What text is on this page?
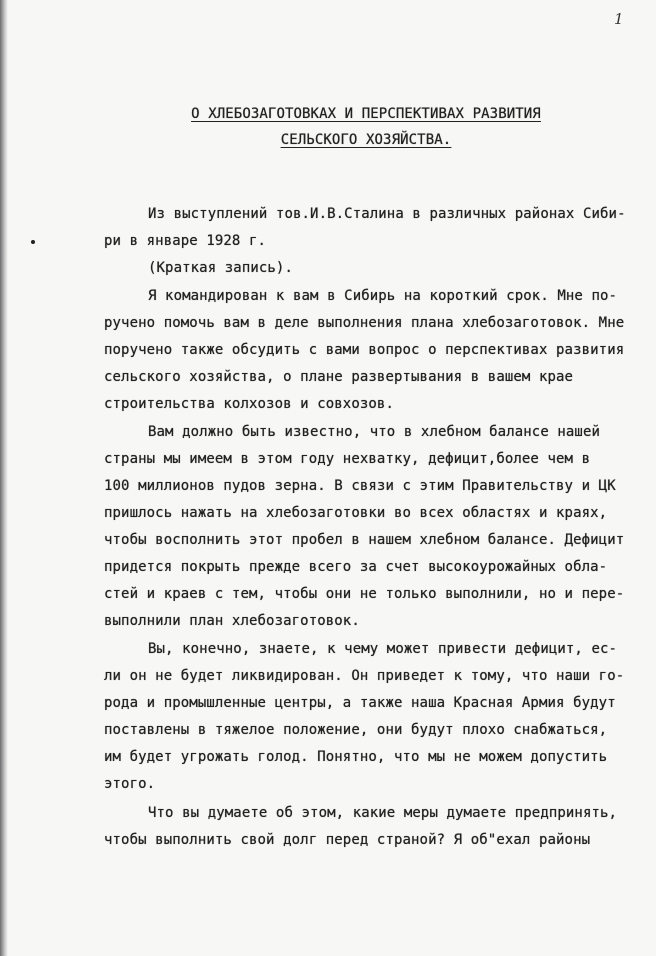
1
О ХЛЕБОЗАГОТОВКАХ И ПЕРСПЕКТИВАХ РАЗВИТИЯ
СЕЛЬСКОГО ХОЗЯЙСТВА.
Из выступлений тов.И.В.Сталина в различных районах Сиби-
ри в январе 1928 г.
(Краткая запись).
Я командирован к вам в Сибирь на короткий срок. Мне по-
ручено помочь вам в деле выполнения плана хлебозаготовок. Мне
поручено также обсудить с вами вопрос о перспективах развития
сельского хозяйства, о плане развертывания в вашем крае
строительства колхозов и совхозов.
Вам должно быть известно, что в хлебном балансе нашей
страны мы имеем в этом году нехватку, дефицит,более чем в
100 миллионов пудов зерна. В связи с этим Правительству и ЦК
пришлось нажать на хлебозаготовки во всех областях и краях,
чтобы восполнить этот пробел в нашем хлебном балансе. Дефицит
придется покрыть прежде всего за счет высокоурожайных обла-
стей и краев с тем, чтобы они не только выполнили, но и пере-
выполнили план хлебозаготовок.
Вы, конечно, знаете, к чему может привести дефицит, ес-
ли он не будет ликвидирован. Он приведет к тому, что наши го-
рода и промышленные центры, а также наша Красная Армия будут
поставлены в тяжелое положение, они будут плохо снабжаться,
им будет угрожать голод. Понятно, что мы не можем допустить
этого.
Что вы думаете об этом, какие меры думаете предпринять,
чтобы выполнить свой долг перед страной? Я об"ехал районы
